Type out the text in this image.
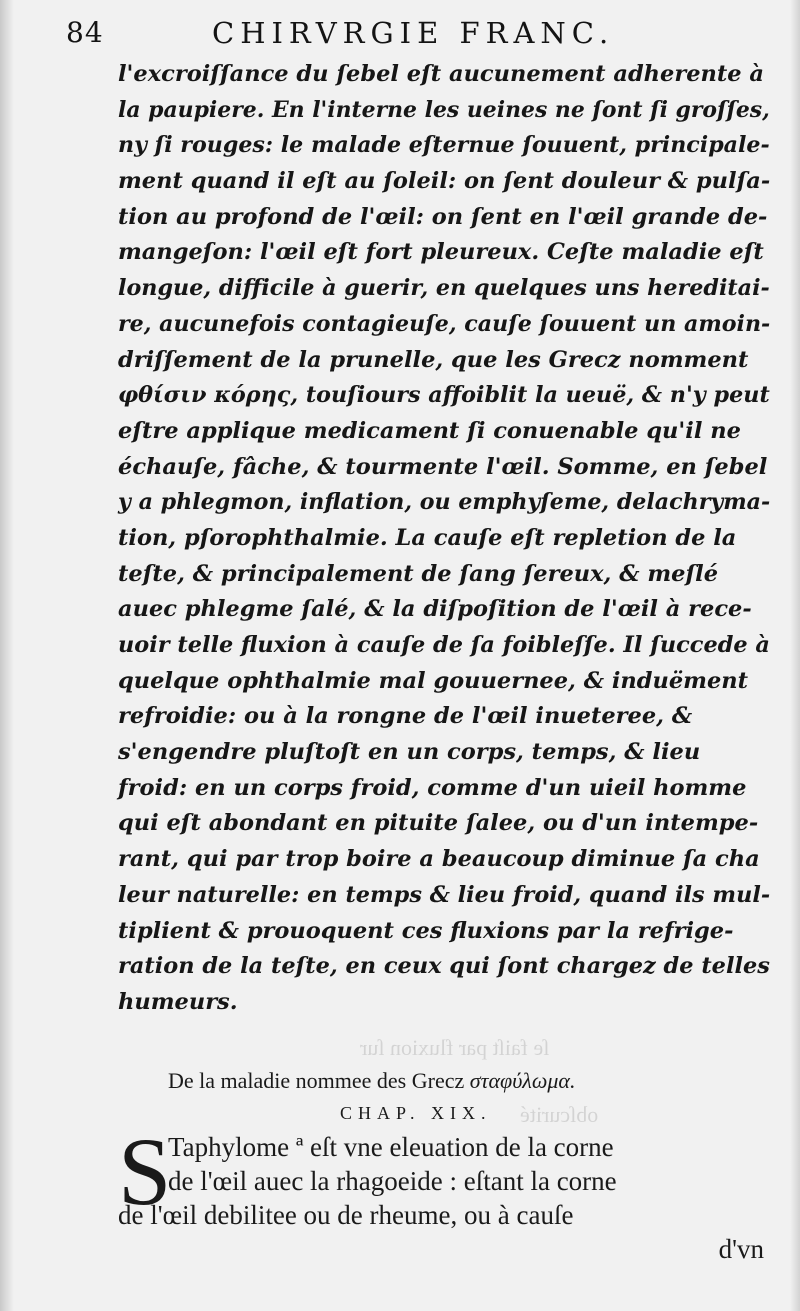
ſe faiſt par fluxion ſur
obſcurité
84	CHIRVRGIE FRANC.
l'excroiſſance du ſebel eſt aucunement adherente à
la paupiere. En l'interne les ueines ne ſont ſi groſſes,
ny ſi rouges: le malade eſternue ſouuent, principale-
ment quand il eſt au ſoleil: on ſent douleur & pulſa-
tion au profond de l'œil: on ſent en l'œil grande de-
mangeſon: l'œil eſt fort pleureux. Ceſte maladie eſt
longue, difficile à guerir, en quelques uns hereditai-
re, aucunefois contagieuſe, cauſe ſouuent un amoin-
driſſement de la prunelle, que les Grecz nomment
φθίσιν κόρης, touſiours affoiblit la ueuë, & n'y peut
eſtre applique medicament ſi conuenable qu'il ne
échauſe, fâche, & tourmente l'œil. Somme, en ſebel
y a phlegmon, inflation, ou emphyſeme, delachryma-
tion, pſorophthalmie. La cauſe eſt repletion de la
teſte, & principalement de ſang ſereux, & meſlé
auec phlegme ſalé, & la diſpoſition de l'œil à rece-
uoir telle fluxion à cauſe de ſa foibleſſe. Il ſuccede à
quelque ophthalmie mal gouuernee, & induëment
refroidie: ou à la rongne de l'œil inueteree, &
s'engendre pluſtoſt en un corps, temps, & lieu
froid: en un corps froid, comme d'un uieil homme
qui eſt abondant en pituite ſalee, ou d'un intempe-
rant, qui par trop boire a beaucoup diminue ſa cha
leur naturelle: en temps & lieu froid, quand ils mul-
tiplient & prouoquent ces fluxions par la refrige-
ration de la teſte, en ceux qui ſont chargez de telles
humeurs.
De la maladie nommee des Grecz σταφύλωμα.
CHAP. XIX.
S
Taphylome ª eſt vne eleuation de la corne
de l'œil auec la rhagoeide : eſtant la corne
de l'œil debilitee ou de rheume, ou à cauſe
d'vn
